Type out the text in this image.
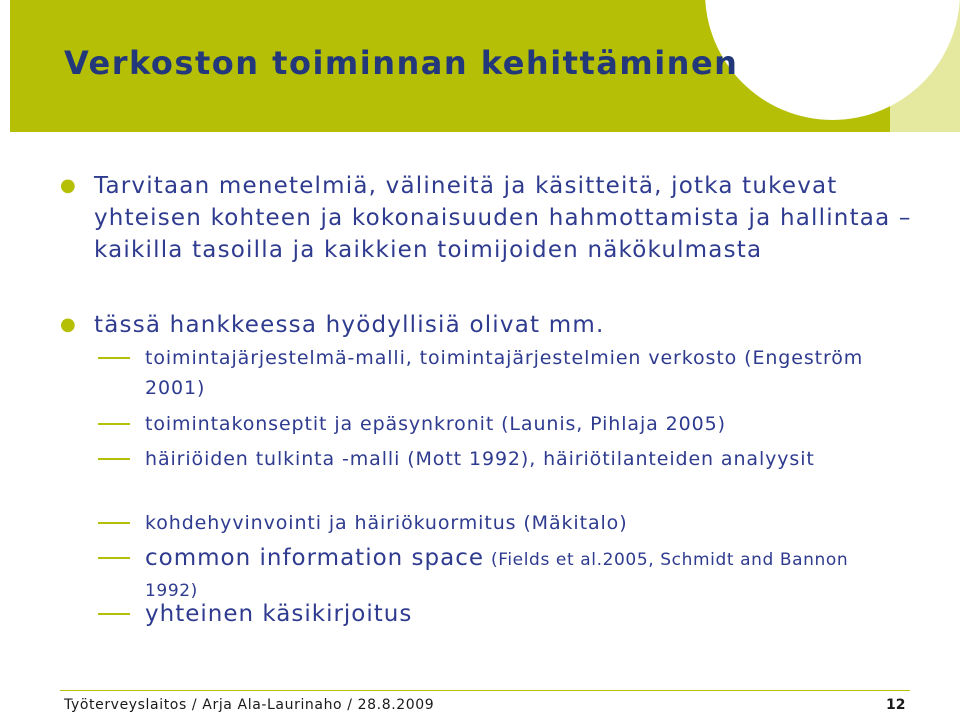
Verkoston toiminnan kehittäminen
● Tarvitaan menetelmiä, välineitä ja käsitteitä, jotka tukevat yhteisen kohteen ja kokonaisuuden hahmottamista ja hallintaa –kaikilla tasoilla ja kaikkien toimijoiden näkökulmasta
● tässä hankkeessa hyödyllisiä olivat mm.
toimintajärjestelmä-malli, toimintajärjestelmien verkosto (Engeström 2001)
toimintakonseptit ja epäsynkronit (Launis, Pihlaja 2005)
häiriöiden tulkinta -malli (Mott 1992), häiriötilanteiden analyysit
kohdehyvinvointi ja häiriökuormitus (Mäkitalo)
common information space (Fields et al.2005, Schmidt and Bannon 1992)
yhteinen käsikirjoitus
Työterveyslaitos / Arja Ala-Laurinaho / 28.8.2009	12
